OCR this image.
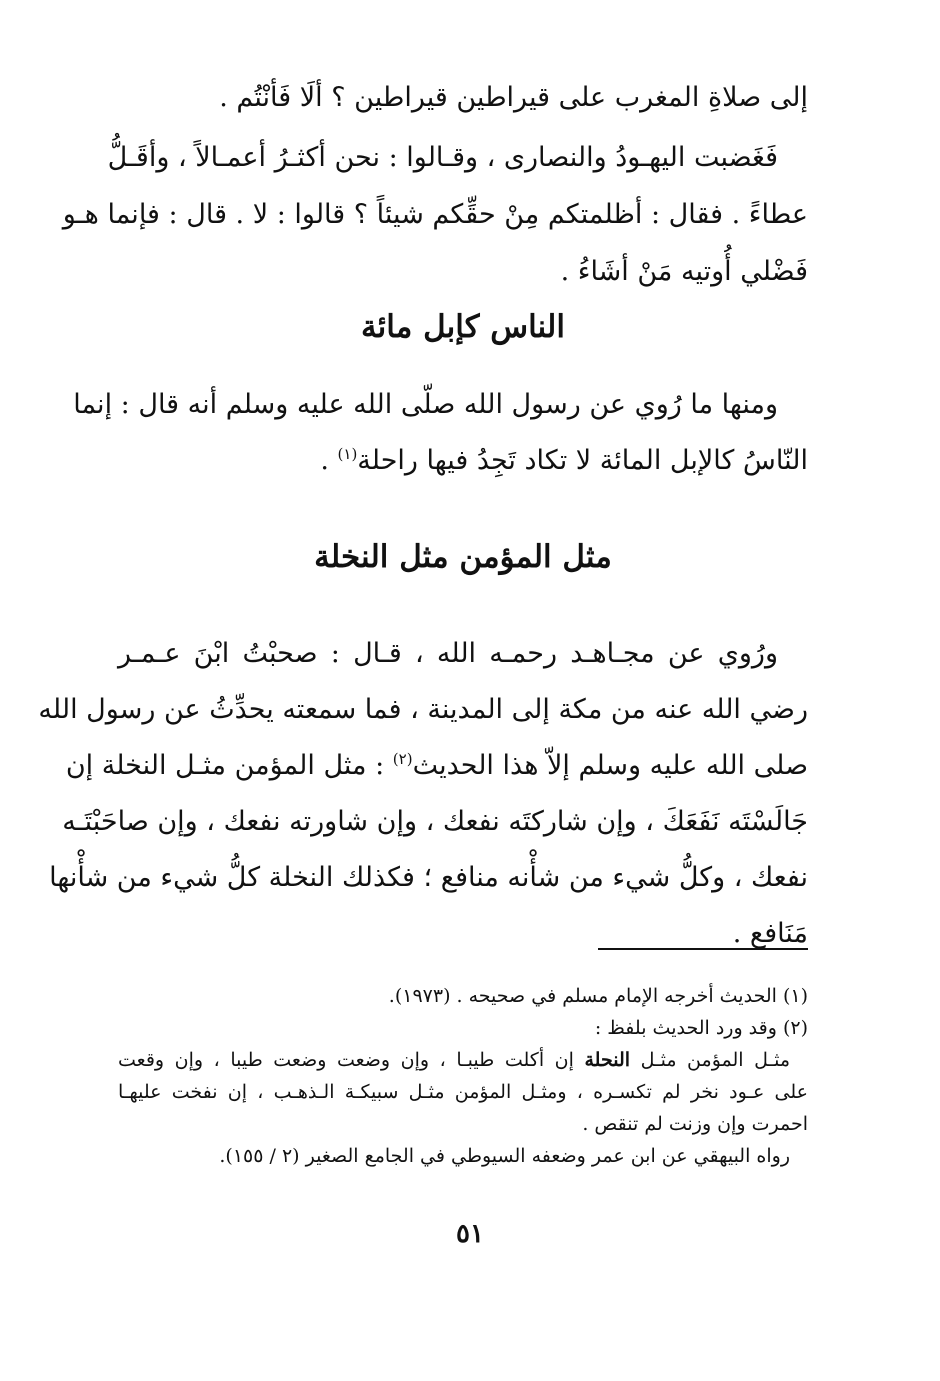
إلى صلاةِ المغرب على قيراطين قيراطين ؟ ألَا فَأنْتُم .
فَغَضبت اليهـودُ والنصارى ، وقـالوا : نحن أكثـرُ أعمـالاً ، وأقَـلُّ
عطاءً . فقال : أظلمتكم مِنْ حقِّكم شيئاً ؟ قالوا : لا . قال : فإنما هـو
فَضْلي أُوتيه مَنْ أشَاءُ .
الناس كإبل مائة
ومنها ما رُوي عن رسول الله صلّى الله عليه وسلم أنه قال : إنما
النّاسُ كالإبل المائة لا تكاد تَجِدُ فيها راحلة$^{(١)}$ .
مثل المؤمن مثل النخلة
ورُوي عن مجـاهـد رحمـه الله ، قـال : صحبْتُ ابْنَ عـمـر
رضي الله عنه من مكة إلى المدينة ، فما سمعته يحدِّثُ عن رسول الله
صلى الله عليه وسلم إلاّ هذا الحديث$^{(٢)}$ : مثل المؤمن مثـل النخلة إن
جَالَسْتَه نَفَعَكَ ، وإن شاركتَه نفعك ، وإن شاورته نفعك ، وإن صاحَبْتَـه
نفعك ، وكلُّ شيء من شأْنه منافع ؛ فكذلك النخلة كلُّ شيء من شأْنها
مَنَافع .
(١) الحديث أخرجه الإمام مسلم في صحيحه . (١٩٧٣).
(٢) وقد ورد الحديث بلفظ :
مثـل المؤمن مثـل النحلة إن أكلت طيبـا ، وإن وضعت وضعت طيبا ، وإن وقعت
على عـود نخر لم تكسـره ، ومثـل المؤمن مثـل سبيكـة الـذهـب ، إن نفخت عليهـا
احمرت وإن وزنت لم تنقص .
رواه البيهقي عن ابن عمر وضعفه السيوطي في الجامع الصغير (٢ / ١٥٥).
٥١
